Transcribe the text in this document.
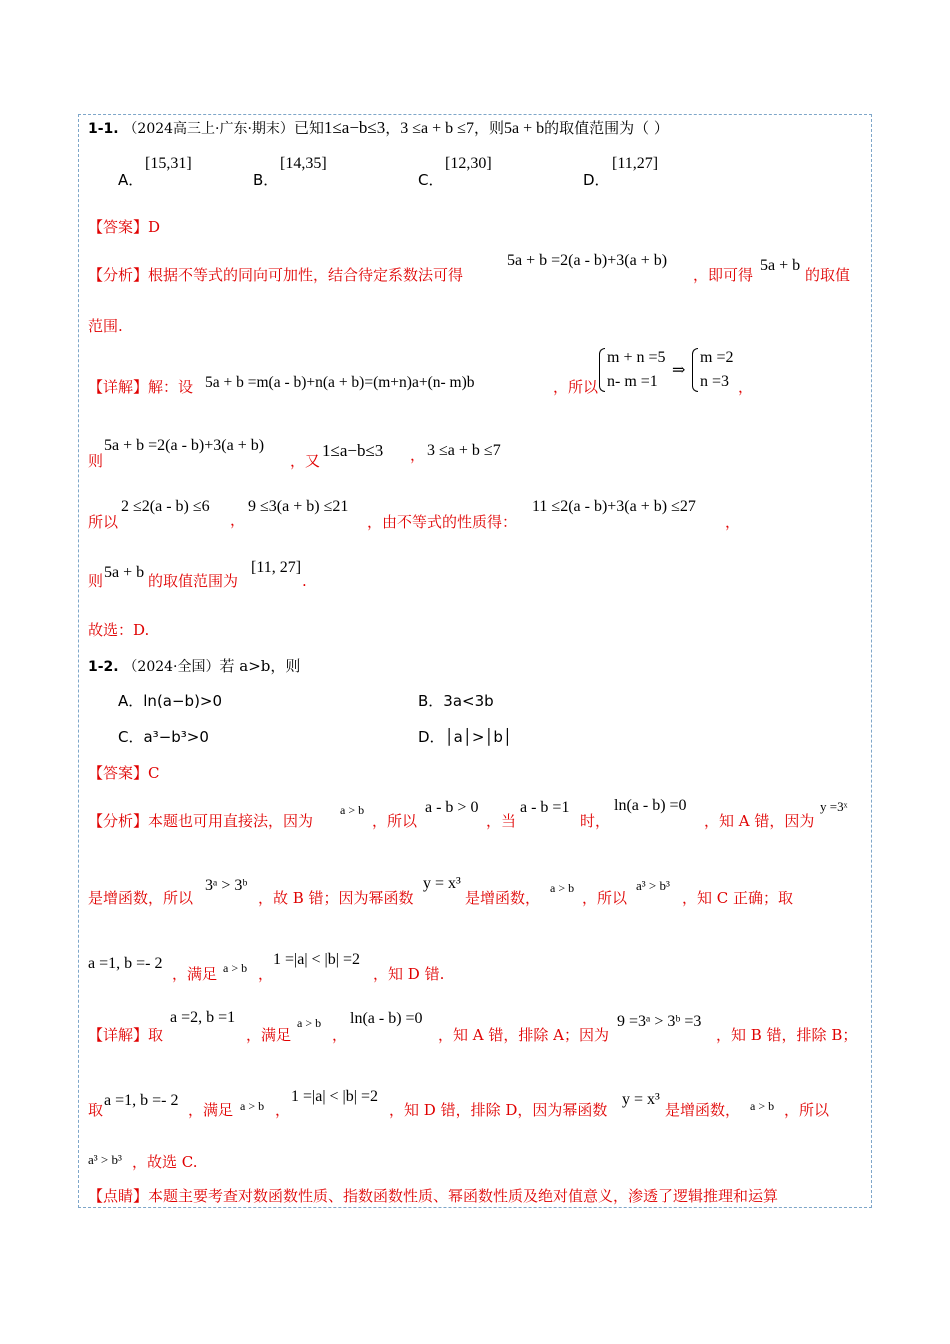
1-1. （2024高三上·广东·期末）已知1≤a−b≤3，3 ≤a + b ≤7，则5a + b的取值范围为（ ）
A．
[15,31]
B．
[14,35]
C．
[12,30]
D．
[11,27]
【答案】D
【分析】根据不等式的同向可加性，结合待定系数法可得
5a + b =2(a - b)+3(a + b)
，即可得
5a + b
的取值
范围.
【详解】解：设 5a + b =m(a - b)+n(a + b)=(m+n)a+(n- m)b	，所以
m + n =5
n- m =1
⇒
m =2
n =3 ，
则
5a + b =2(a - b)+3(a + b)
，又
1≤a−b≤3 ， 3 ≤a + b ≤7
所以
2 ≤2(a - b) ≤6
，
9 ≤3(a + b) ≤21
，由不等式的性质得：
11 ≤2(a - b)+3(a + b) ≤27
，
则 5a + b 的取值范围为
[11, 27]
.
故选：D.
1-2. （2024·全国）若 a>b，则
A．ln(a−b)>0	B．3a<3b
C．a³−b³>0	D．│a│>│b│
【答案】C
【分析】本题也可用直接法，因为
a > b
，所以
a - b > 0
，当
a - b =1
时，
ln(a - b) =0
，知 A 错，因为
y =3ˣ
是增函数，所以
3ᵃ > 3ᵇ
，故 B 错；因为幂函数
y = x³
是增函数，
a > b
，所以
a³ > b³
，知 C 正确；取
a =1, b =- 2
，满足 a > b ，
1 =|a| < |b| =2
，知 D 错.
【详解】取
a =2, b =1
，满足
a > b
，
ln(a - b) =0
，知 A 错，排除 A；因为
9 =3ᵃ > 3ᵇ =3
，知 B 错，排除 B；
取
a =1, b =- 2
，满足 a > b ，
1 =|a| < |b| =2
，知 D 错，排除 D，因为幂函数
y = x³
是增函数， a > b ，所以
a³ > b³ ，故选 C.
【点睛】本题主要考查对数函数性质、指数函数性质、幂函数性质及绝对值意义，渗透了逻辑推理和运算
